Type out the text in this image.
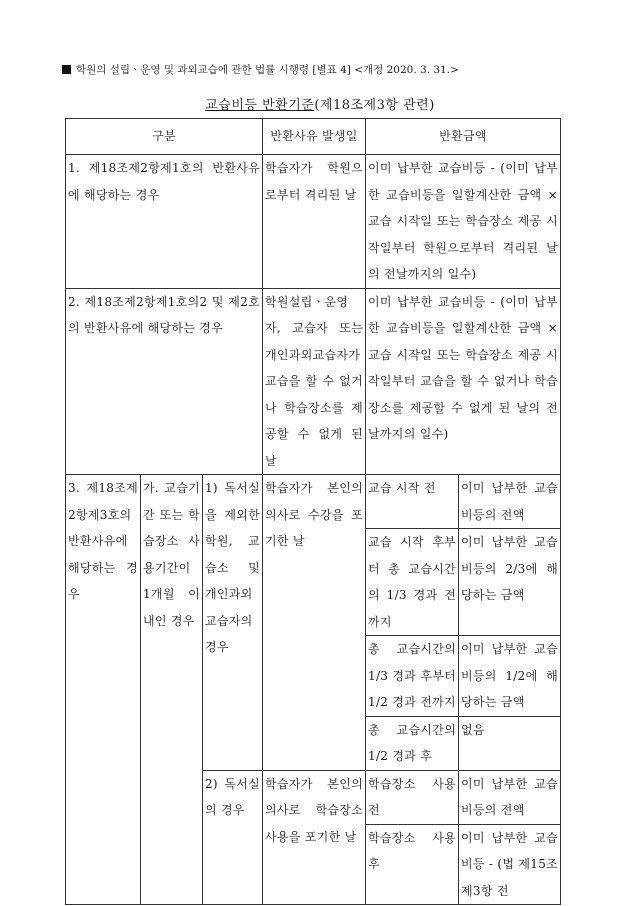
학원의 설립ㆍ운영 및 과외교습에 관한 법률 시행령 [별표 4] <개정 2020. 3. 31.>
교습비등 반환기준(제18조제3항 관련)
구분			반환사유 발생일	반환금액	
1. 제18조제2항제1호의 반환사유에 해당하는 경우			학습자가 학원으로부터 격리된 날	이미 납부한 교습비등 - (이미 납부한 교습비등을 일할계산한 금액 × 교습 시작일 또는 학습장소 제공 시작일부터 학원으로부터 격리된 날의 전날까지의 일수)	
2. 제18조제2항제1호의2 및 제2호의 반환사유에 해당하는 경우			학원설립ㆍ운영자, 교습자 또는 개인과외교습자가 교습을 할 수 없거나 학습장소를 제공할 수 없게 된 날	이미 납부한 교습비등 - (이미 납부한 교습비등을 일할계산한 금액 × 교습 시작일 또는 학습장소 제공 시작일부터 교습을 할 수 없거나 학습장소를 제공할 수 없게 된 날의 전날까지의 일수)	
3. 제18조제2항제3호의 반환사유에 해당하는 경우	가. 교습기간 또는 학습장소 사용기간이 1개월 이내인 경우	1) 독서실을 제외한 학원, 교습소 및 개인과외교습자의 경우	학습자가 본인의 의사로 수강을 포기한 날	교습 시작 전	이미 납부한 교습비등의 전액
				교습 시작 후부터 총 교습시간의 1/3 경과 전까지	이미 납부한 교습비등의 2/3에 해당하는 금액
				총 교습시간의 1/3 경과 후부터 1/2 경과 전까지	이미 납부한 교습비등의 1/2에 해당하는 금액
				총 교습시간의 1/2 경과 후	없음
		2) 독서실의 경우	학습자가 본인의 의사로 학습장소 사용을 포기한 날	학습장소 사용 전	이미 납부한 교습비등의 전액
				학습장소 사용 후	이미 납부한 교습비등 - (법 제15조제3항 전
